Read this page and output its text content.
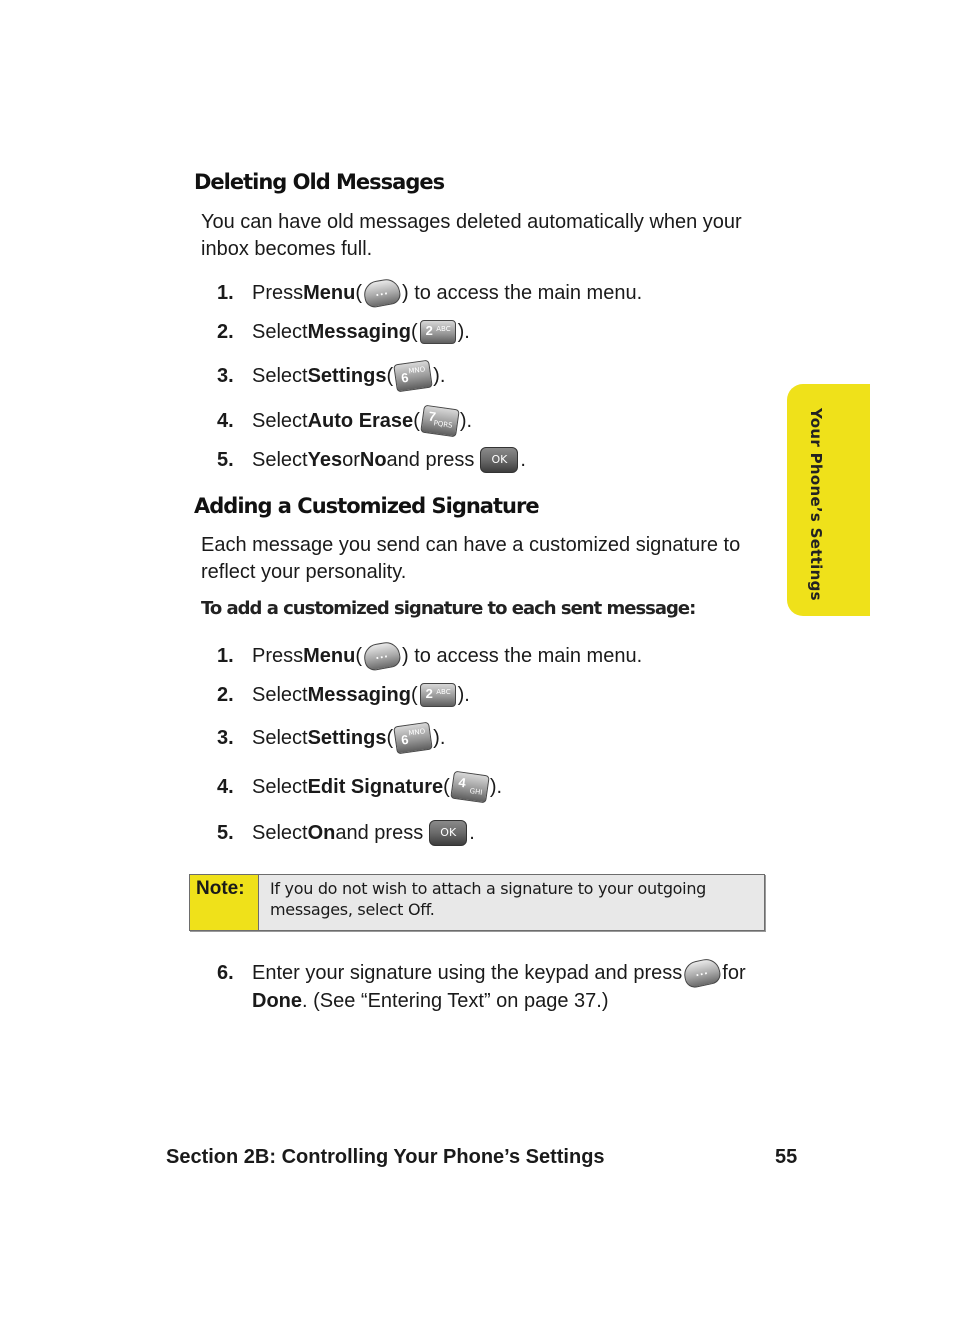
Deleting Old Messages
You can have old messages deleted automatically when your inbox becomes full.
1. Press Menu (	... ) to access the main menu.
2. Select Messaging ( 2 ABC ).
3. Select Settings ( 6
MNO ).
4. Select Auto Erase ( 7
PQRS ).
5. Select Yes or No and press	OK .
Adding a Customized Signature
Each message you send can have a customized signature to reflect your personality.
To add a customized signature to each sent message:
1. Press Menu (	... ) to access the main menu.
2. Select Messaging ( 2 ABC ).
3. Select Settings ( 6
MNO ).
4. Select Edit Signature ( 4
GHI ).
5. Select On and press	OK .
Note:	If you do not wish to attach a signature to your outgoing messages, select Off.
6. Enter your signature using the keypad and press ... for
Done . (See “Entering Text” on page 37.)
Your Phone’s Settings
Section 2B: Controlling Your Phone’s Settings	55
